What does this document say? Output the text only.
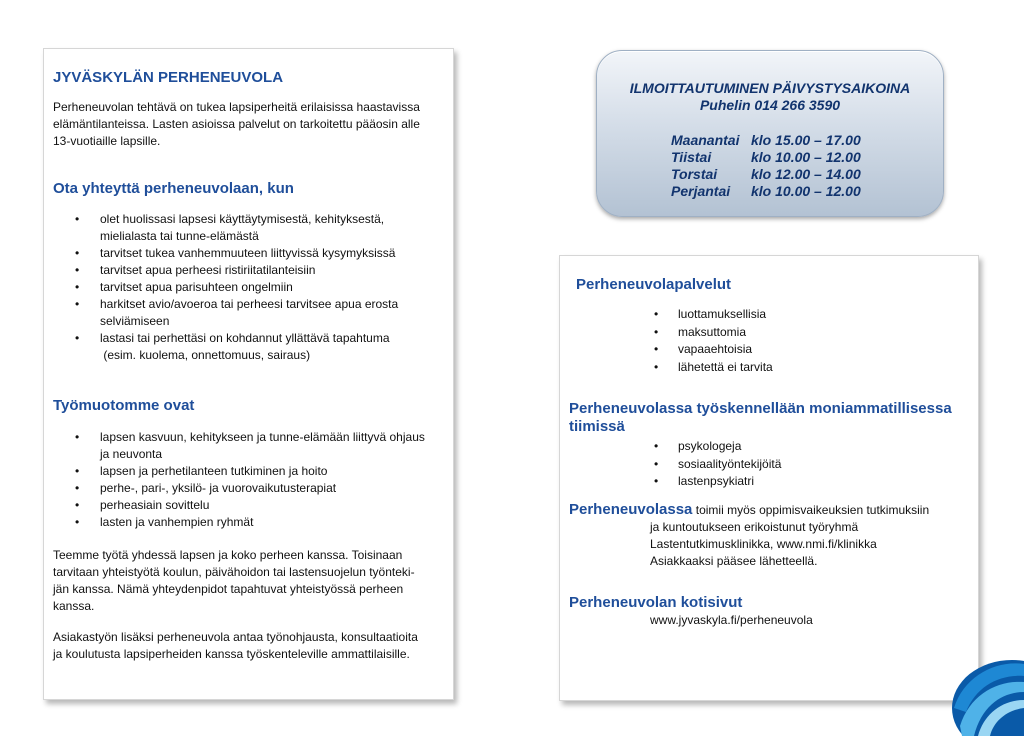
JYVÄSKYLÄN PERHENEUVOLA
Perheneuvolan tehtävä on tukea lapsiperheitä erilaisissa haastavissa
elämäntilanteissa. Lasten asioissa palvelut on tarkoitettu pääosin alle
13-vuotiaille lapsille.
Ota yhteyttä perheneuvolaan, kun
• olet huolissasi lapsesi käyttäytymisestä, kehityksestä,
mielialasta tai tunne-elämästä
• tarvitset tukea vanhemmuuteen liittyvissä kysymyksissä
• tarvitset apua perheesi ristiriitatilanteisiin
• tarvitset apua parisuhteen ongelmiin
• harkitset avio/avoeroa tai perheesi tarvitsee apua erosta
selviämiseen
• lastasi tai perhettäsi on kohdannut yllättävä tapahtuma
(esim. kuolema, onnettomuus, sairaus)
Työmuotomme ovat
• lapsen kasvuun, kehitykseen ja tunne-elämään liittyvä ohjaus
ja neuvonta
• lapsen ja perhetilanteen tutkiminen ja hoito
• perhe-, pari-, yksilö- ja vuorovaikutusterapiat
• perheasiain sovittelu
• lasten ja vanhempien ryhmät
Teemme työtä yhdessä lapsen ja koko perheen kanssa. Toisinaan
tarvitaan yhteistyötä koulun, päivähoidon tai lastensuojelun työnteki-
jän kanssa. Nämä yhteydenpidot tapahtuvat yhteistyössä perheen
kanssa.
Asiakastyön lisäksi perheneuvola antaa työnohjausta, konsultaatioita
ja koulutusta lapsiperheiden kanssa työskenteleville ammattilaisille.
ILMOITTAUTUMINEN PÄIVYSTYSAIKOINA
Puhelin 014 266 3590
Maanantai klo 15.00 – 17.00
Tiistai	klo 10.00 – 12.00
Torstai klo 12.00 – 14.00
Perjantai klo 10.00 – 12.00
Perheneuvolapalvelut
• luottamuksellisia
• maksuttomia
• vapaaehtoisia
• lähetettä ei tarvita
Perheneuvolassa työskennellään moniammatillisessa
tiimissä
• psykologeja
• sosiaalityöntekijöitä
• lastenpsykiatri
Perheneuvolassa toimii myös oppimisvaikeuksien tutkimuksiin
ja kuntoutukseen erikoistunut työryhmä
Lastentutkimusklinikka, www.nmi.fi/klinikka
Asiakkaaksi pääsee lähetteellä.
Perheneuvolan kotisivut
www.jyvaskyla.fi/perheneuvola
